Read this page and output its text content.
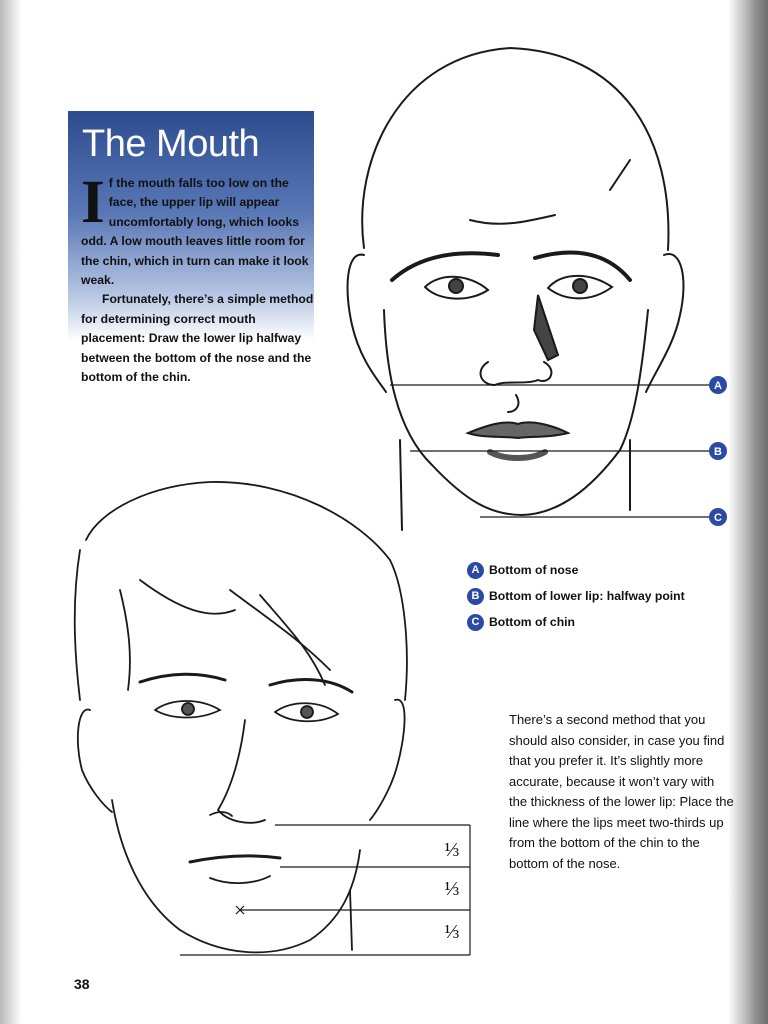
The Mouth

If the mouth falls too low on the face, the upper lip will appear uncomfortably long, which looks odd. A low mouth leaves little room for the chin, which in turn can make it look weak.

Fortunately, there’s a simple method for determining correct mouth placement: Draw the lower lip halfway between the bottom of the nose and the bottom of the chin.

A
B
C
A Bottom of nose
B Bottom of lower lip: halfway point
C Bottom of chin
⅓
⅓
⅓

There’s a second method that you should also consider, in case you find that you prefer it. It’s slightly more accurate, because it won’t vary with the thickness of the lower lip: Place the line where the lips meet two-thirds up from the bottom of the chin to the bottom of the nose.

38
